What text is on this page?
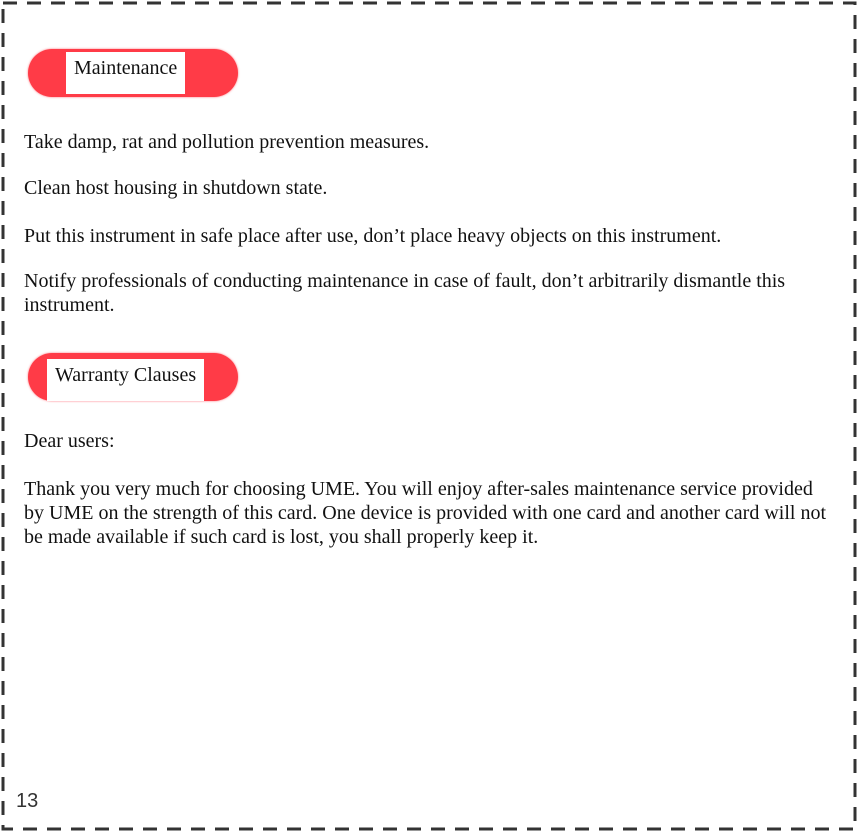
Maintenance

Take damp, rat and pollution prevention measures.

Clean host housing in shutdown state.

Put this instrument in safe place after use, don’t place heavy objects on this instrument.

Notify professionals of conducting maintenance in case of fault, don’t arbitrarily dismantle this instrument.

Warranty Clauses

Dear users:

Thank you very much for choosing UME. You will enjoy after-sales maintenance service provided by UME on the strength of this card. One device is provided with one card and another card will not be made available if such card is lost, you shall properly keep it.

13
